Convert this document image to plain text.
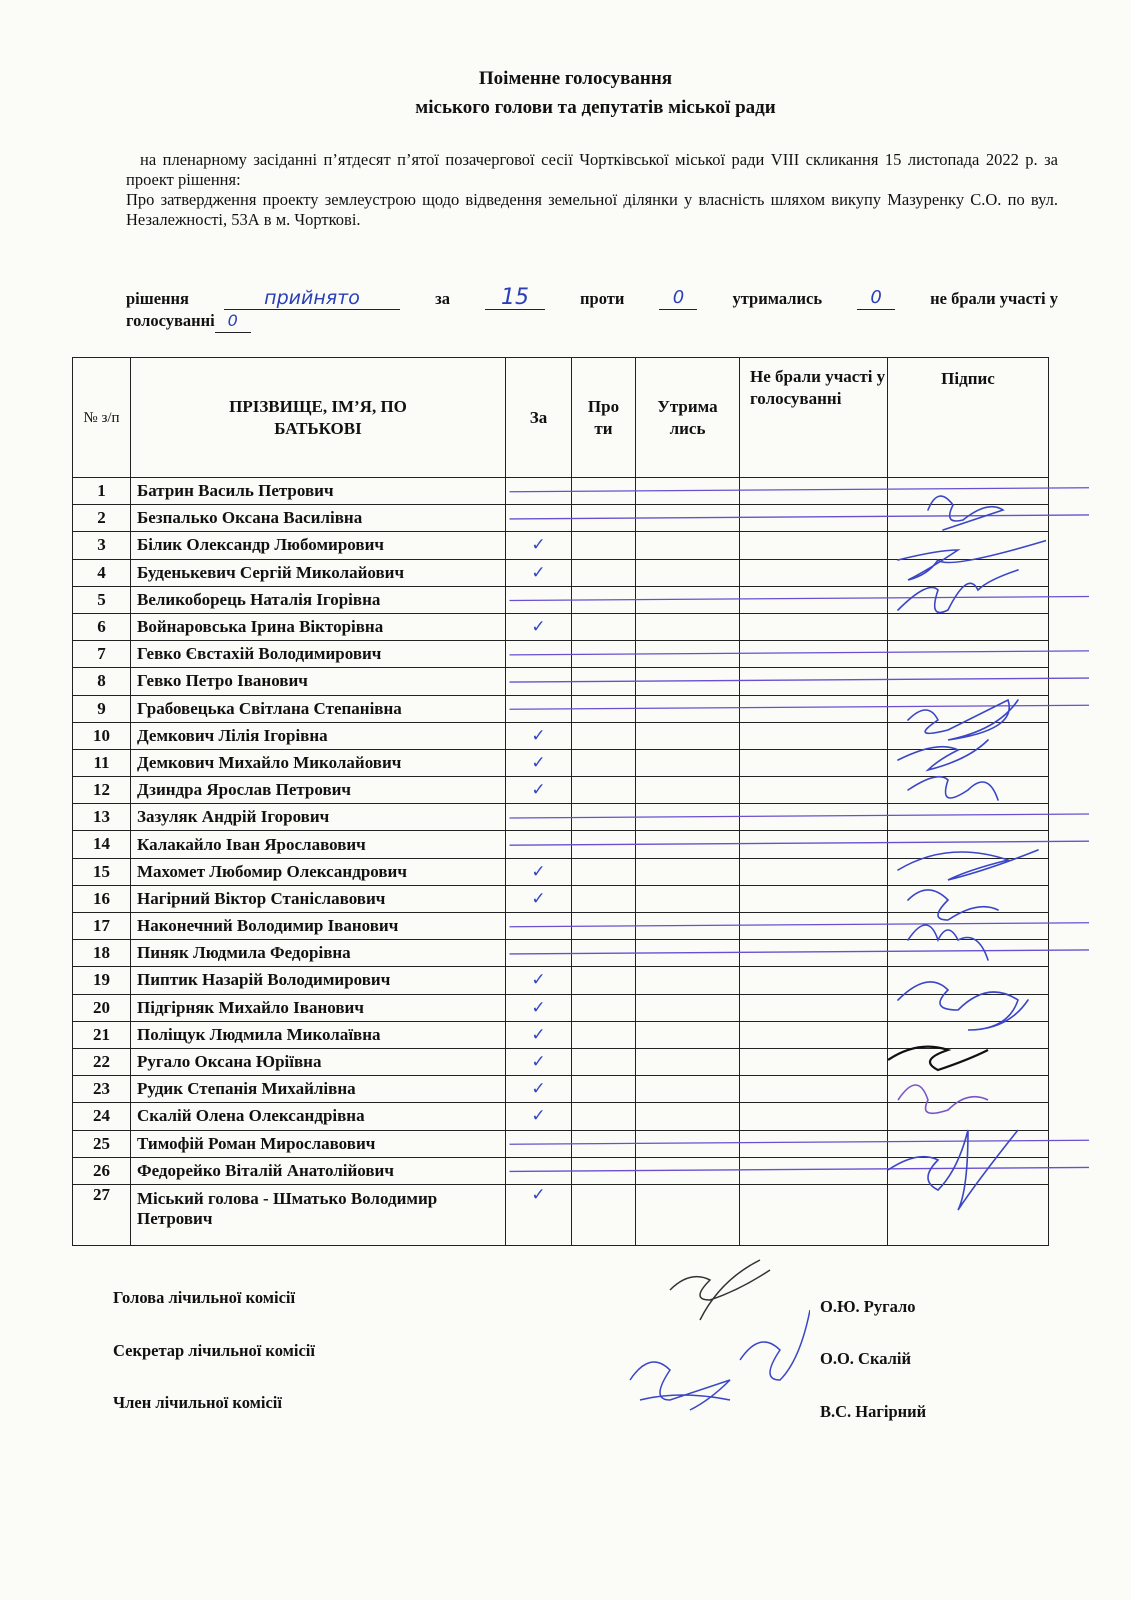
Поіменне голосування
міського голови та депутатів міської ради

на пленарному засіданні п’ятдесят п’ятої позачергової сесії Чортківської міської ради VIII скликання 15 листопада 2022 р. за проект рішення:

Про затвердження проекту землеустрою щодо відведення земельної ділянки у власність шляхом викупу Мазуренку С.О. по вул. Незалежності, 53А в м. Чорткові.

рішення	прийнято	за	15	проти	0	утримались	0	не брали участі у
голосуванні 0
№ з/п	ПРІЗВИЩЕ, ІМ’Я, ПО БАТЬКОВІ	За	Про ти	Утрима лись	Не брали участі у голосуванні	Підпис
1	Батрин Василь Петрович					
2	Безпалько Оксана Василівна					
3	Білик Олександр Любомирович	✓				
4	Буденькевич Сергій Миколайович	✓				
5	Великоборець Наталія Ігорівна					
6	Войнаровська Ірина Вікторівна	✓				
7	Гевко Євстахій Володимирович					
8	Гевко Петро Іванович					
9	Грабовецька Світлана Степанівна					
10	Демкович Лілія Ігорівна	✓				
11	Демкович Михайло Миколайович	✓				
12	Дзиндра Ярослав Петрович	✓				
13	Зазуляк Андрій Ігорович					
14	Калакайло Іван Ярославович					
15	Махомет Любомир Олександрович	✓				
16	Нагірний Віктор Станіславович	✓				
17	Наконечний Володимир Іванович					
18	Пиняк Людмила Федорівна					
19	Пиптик Назарій Володимирович	✓				
20	Підгірняк Михайло Іванович	✓				
21	Поліщук Людмила Миколаївна	✓				
22	Ругало Оксана Юріївна	✓				
23	Рудик Степанія Михайлівна	✓				
24	Скалій Олена Олександрівна	✓				
25	Тимофій Роман Мирославович					
26	Федорейко Віталій Анатолійович					
27	Міський голова - Шматько Володимир Петрович	✓				
Голова лічильної комісії
Секретар лічильної комісії
Член лічильної комісії
О.Ю. Ругало
О.О. Скалій
В.С. Нагірний
